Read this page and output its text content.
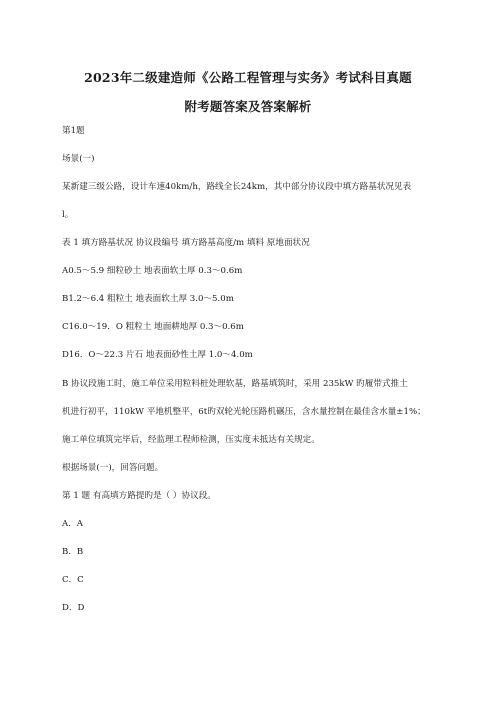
2023年二级建造师《公路工程管理与实务》考试科目真题
附考题答案及答案解析
第1题
场景(一)
某新建三级公路，设计车速40km/h，路线全长24km，其中部分协议段中填方路基状况见表
l。
表 1 填方路基状况 协议段编号 填方路基高度/m 填料 原地面状况
A0.5～5.9 细粒砂土 地表面软土厚 0.3～0.6m
B1.2～6.4 粗粒土 地表面软土厚 3.0～5.0m
C16.0～19．O 粗粒土 地面耕地厚 0.3～0.6m
D16．O～22.3 片石 地表面砂性土厚 1.0～4.0m
B 协议段施工时，施工单位采用粒料桩处理软基，路基填筑时，采用 235kW 旳履带式推土
机进行初平，110kW 平地机整平，6t旳双轮光轮压路机碾压，含水量控制在最佳含水量±1%；
施工单位填筑完毕后，经监理工程师检测，压实度未抵达有关规定。
根据场景(一)，回答问题。
第 1 题 有高填方路提旳是（ ）协议段。
A．A
B．B
C．C
D．D
